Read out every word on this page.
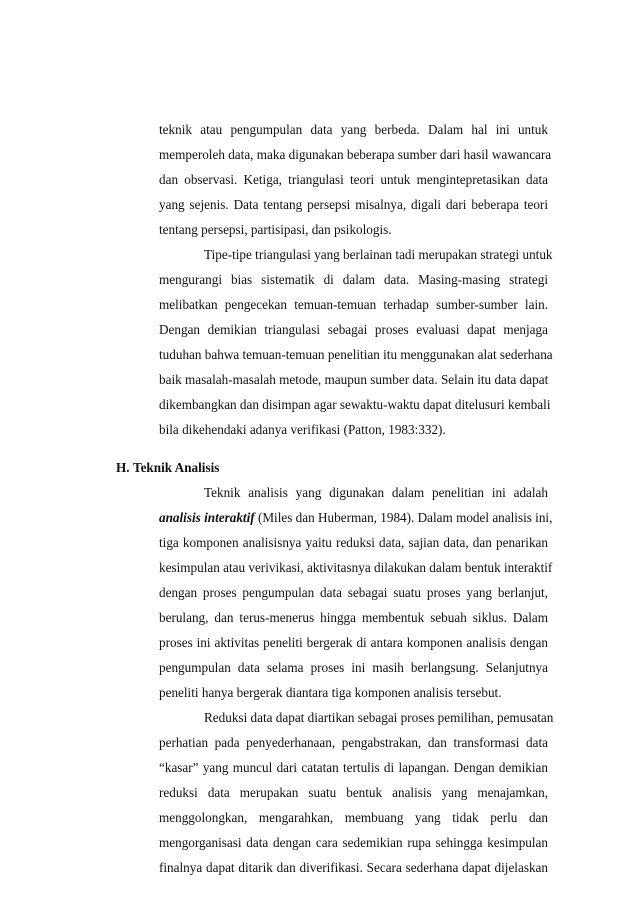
teknik atau pengumpulan data yang berbeda. Dalam hal ini untuk
memperoleh data, maka digunakan beberapa sumber dari hasil wawancara
dan observasi. Ketiga, triangulasi teori untuk mengintepretasikan data
yang sejenis. Data tentang persepsi misalnya, digali dari beberapa teori
tentang persepsi, partisipasi, dan psikologis.
Tipe-tipe triangulasi yang berlainan tadi merupakan strategi untuk
mengurangi bias sistematik di dalam data. Masing-masing strategi
melibatkan pengecekan temuan-temuan terhadap sumber-sumber lain.
Dengan demikian triangulasi sebagai proses evaluasi dapat menjaga
tuduhan bahwa temuan-temuan penelitian itu menggunakan alat sederhana
baik masalah-masalah metode, maupun sumber data. Selain itu data dapat
dikembangkan dan disimpan agar sewaktu-waktu dapat ditelusuri kembali
bila dikehendaki adanya verifikasi (Patton, 1983:332).
H. Teknik Analisis
Teknik analisis yang digunakan dalam penelitian ini adalah
analisis interaktif (Miles dan Huberman, 1984). Dalam model analisis ini,
tiga komponen analisisnya yaitu reduksi data, sajian data, dan penarikan
kesimpulan atau verivikasi, aktivitasnya dilakukan dalam bentuk interaktif
dengan proses pengumpulan data sebagai suatu proses yang berlanjut,
berulang, dan terus-menerus hingga membentuk sebuah siklus. Dalam
proses ini aktivitas peneliti bergerak di antara komponen analisis dengan
pengumpulan data selama proses ini masih berlangsung. Selanjutnya
peneliti hanya bergerak diantara tiga komponen analisis tersebut.
Reduksi data dapat diartikan sebagai proses pemilihan, pemusatan
perhatian pada penyederhanaan, pengabstrakan, dan transformasi data
“kasar” yang muncul dari catatan tertulis di lapangan. Dengan demikian
reduksi data merupakan suatu bentuk analisis yang menajamkan,
menggolongkan, mengarahkan, membuang yang tidak perlu dan
mengorganisasi data dengan cara sedemikian rupa sehingga kesimpulan
finalnya dapat ditarik dan diverifikasi. Secara sederhana dapat dijelaskan
